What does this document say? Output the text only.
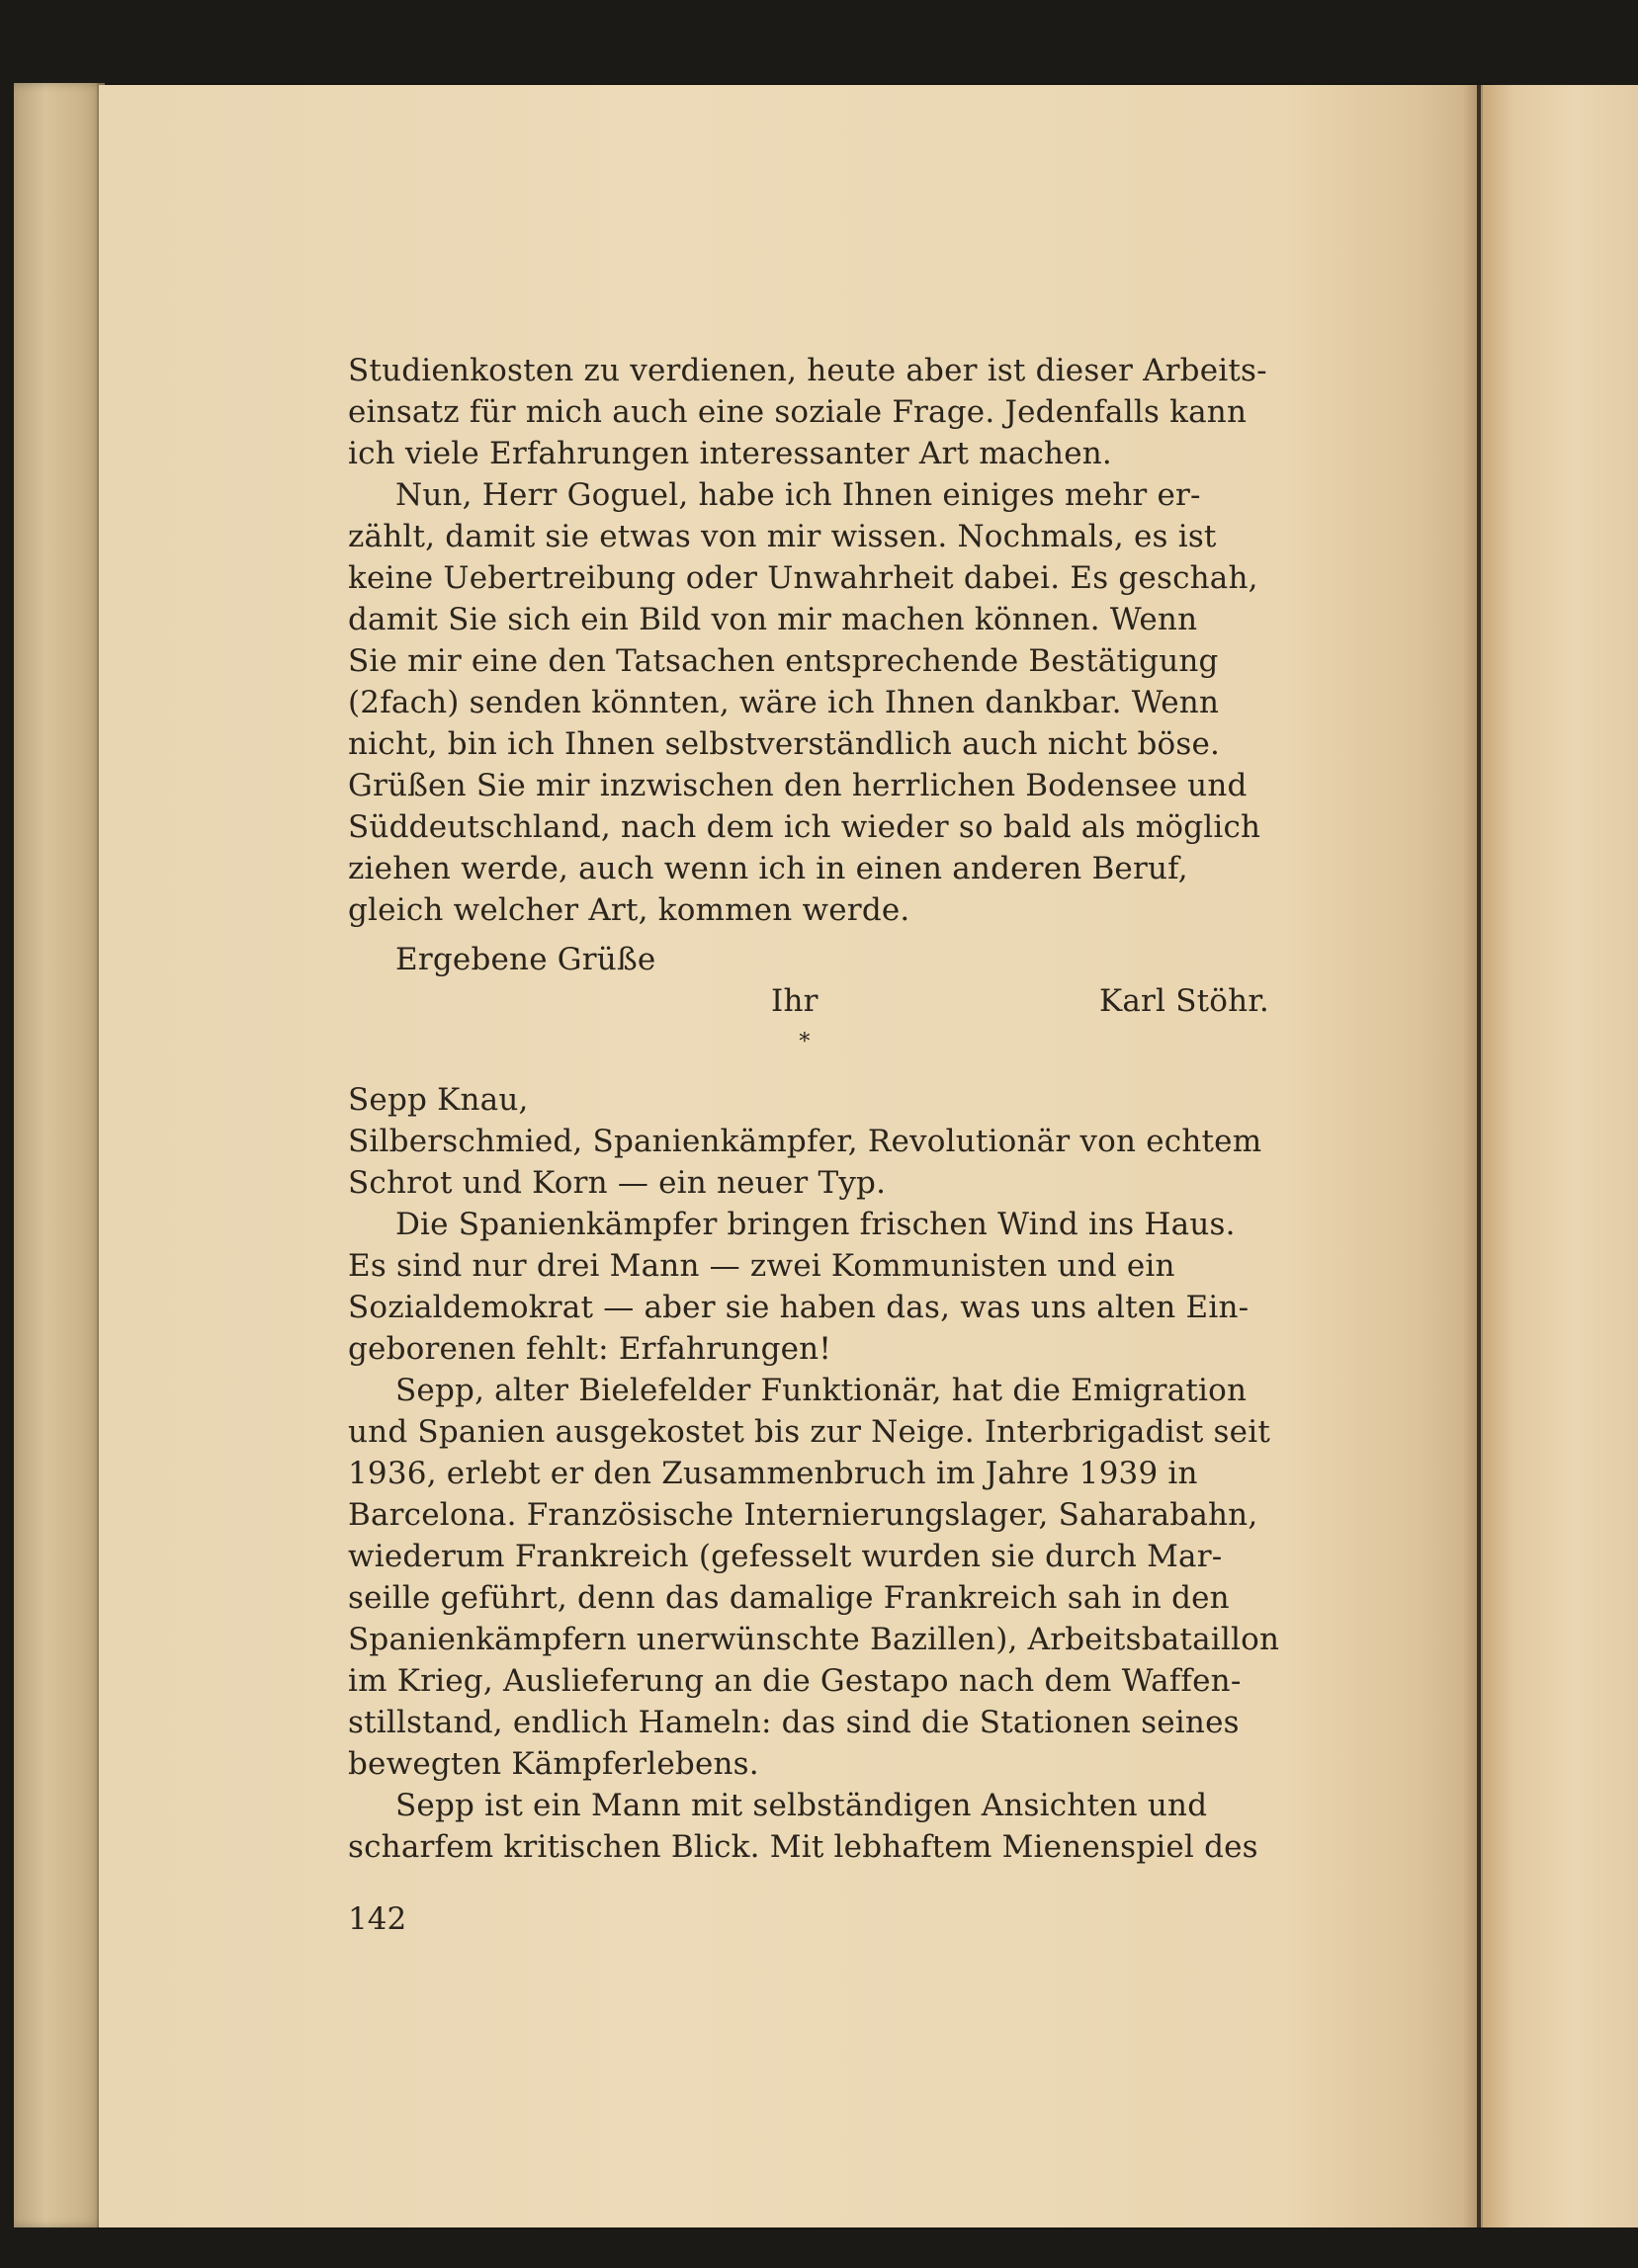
Studienkosten zu verdienen, heute aber ist dieser Arbeits-
einsatz für mich auch eine soziale Frage. Jedenfalls kann
ich viele Erfahrungen interessanter Art machen.

Nun, Herr Goguel, habe ich Ihnen einiges mehr er-
zählt, damit sie etwas von mir wissen. Nochmals, es ist
keine Uebertreibung oder Unwahrheit dabei. Es geschah,
damit Sie sich ein Bild von mir machen können. Wenn
Sie mir eine den Tatsachen entsprechende Bestätigung
(2fach) senden könnten, wäre ich Ihnen dankbar. Wenn
nicht, bin ich Ihnen selbstverständlich auch nicht böse.
Grüßen Sie mir inzwischen den herrlichen Bodensee und
Süddeutschland, nach dem ich wieder so bald als möglich
ziehen werde, auch wenn ich in einen anderen Beruf,
gleich welcher Art, kommen werde.

Ergebene Grüße
Ihr	Karl Stöhr.
*

Sepp Knau,

Silberschmied, Spanienkämpfer, Revolutionär von echtem
Schrot und Korn — ein neuer Typ.

Die Spanienkämpfer bringen frischen Wind ins Haus.
Es sind nur drei Mann — zwei Kommunisten und ein
Sozialdemokrat — aber sie haben das, was uns alten Ein-
geborenen fehlt: Erfahrungen!

Sepp, alter Bielefelder Funktionär, hat die Emigration
und Spanien ausgekostet bis zur Neige. Interbrigadist seit
1936, erlebt er den Zusammenbruch im Jahre 1939 in
Barcelona. Französische Internierungslager, Saharabahn,
wiederum Frankreich (gefesselt wurden sie durch Mar-
seille geführt, denn das damalige Frankreich sah in den
Spanienkämpfern unerwünschte Bazillen), Arbeitsbataillon
im Krieg, Auslieferung an die Gestapo nach dem Waffen-
stillstand, endlich Hameln: das sind die Stationen seines
bewegten Kämpferlebens.

Sepp ist ein Mann mit selbständigen Ansichten und
scharfem kritischen Blick. Mit lebhaftem Mienenspiel des

142
